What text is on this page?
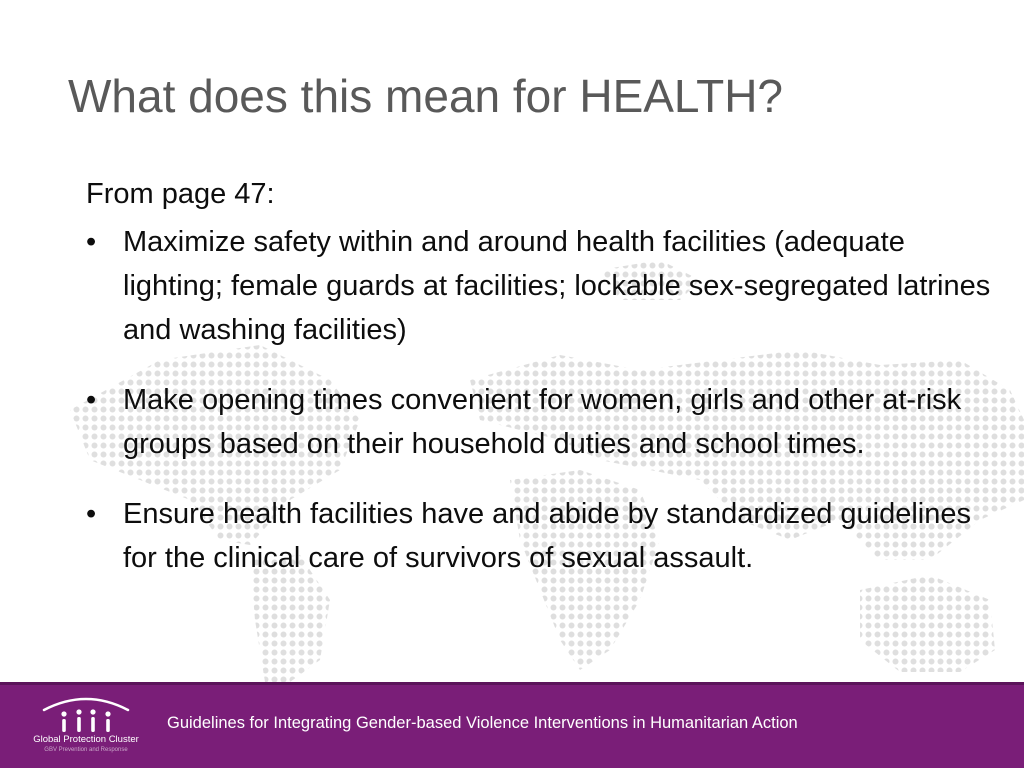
What does this mean for HEALTH?

From page 47:

• Maximize safety within and around health facilities (adequate lighting; female guards at facilities; lockable sex-segregated latrines and washing facilities)
• Make opening times convenient for women, girls and other at-risk groups based on their household duties and school times.
• Ensure health facilities have and abide by standardized guidelines for the clinical care of survivors of sexual assault.
Global Protection Cluster
GBV Prevention and Response
Guidelines for Integrating Gender-based Violence Interventions in Humanitarian Action
